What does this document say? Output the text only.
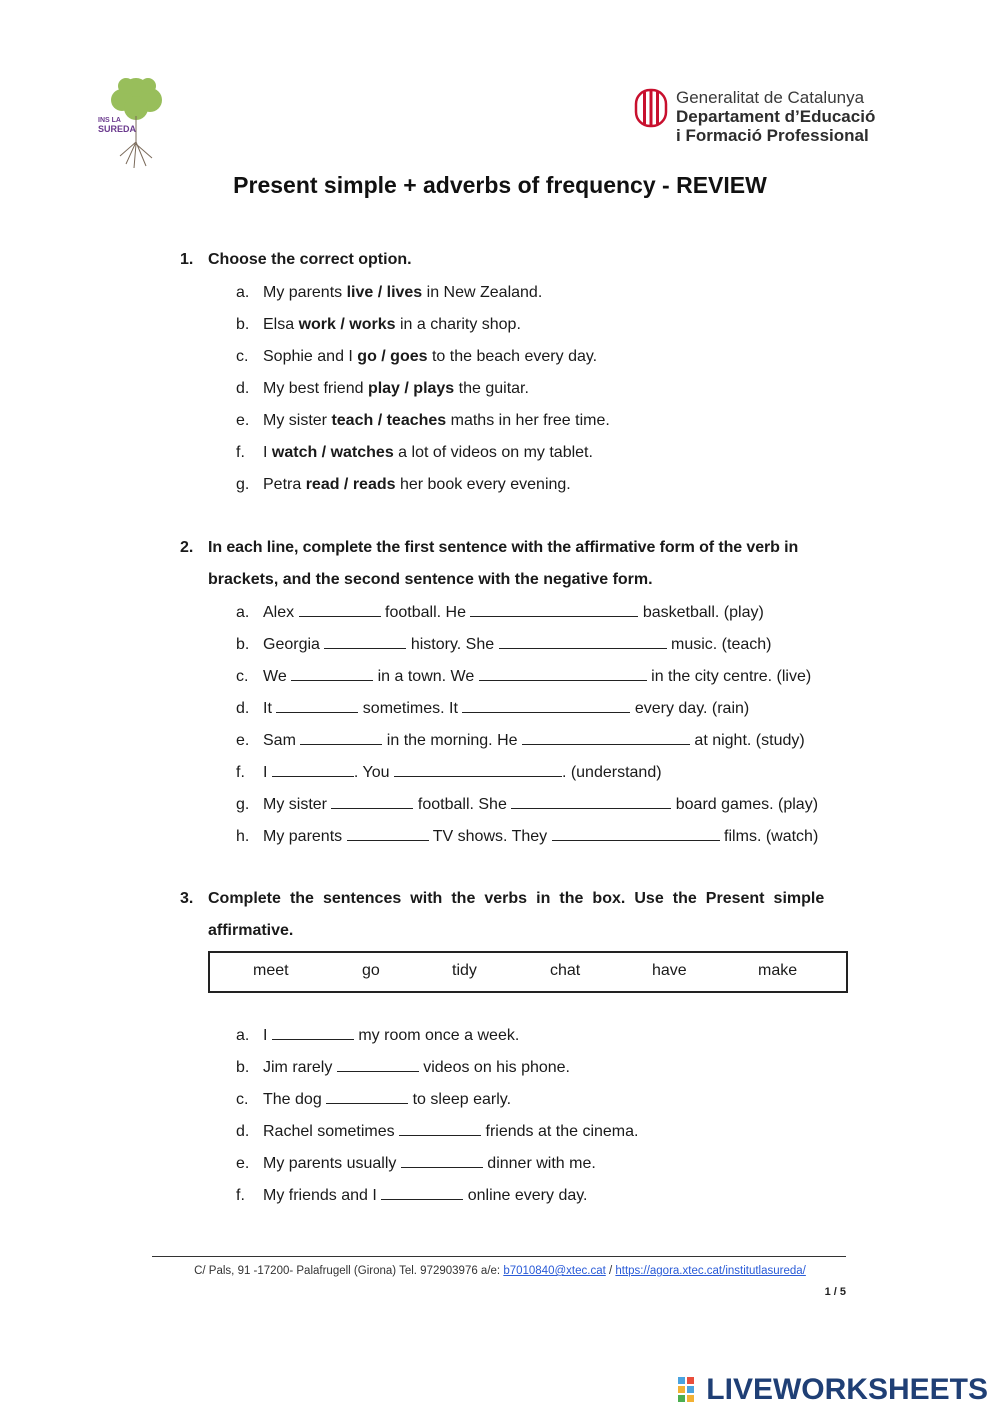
INS LA
SUREDA
Generalitat de Catalunya
Departament d’Educació
i Formació Professional
Present simple + adverbs of frequency - REVIEW
1. Choose the correct option.
a. My parents live / lives in New Zealand.
b. Elsa work / works in a charity shop.
c. Sophie and I go / goes to the beach every day.
d. My best friend play / plays the guitar.
e. My sister teach / teaches maths in her free time.
f. I watch / watches a lot of videos on my tablet.
g. Petra read / reads her book every evening.
2. In each line, complete the first sentence with the affirmative form of the verb in
brackets, and the second sentence with the negative form.
a. Alex	football. He	basketball. (play)
b. Georgia	history. She	music. (teach)
c. We	in a town. We	in the city centre. (live)
d. It	sometimes. It	every day. (rain)
e. Sam	in the morning. He	at night. (study)
f. I	. You	. (understand)
g. My sister	football. She	board games. (play)
h. My parents	TV shows. They	films. (watch)
3. Complete the sentences with the verbs in the box. Use the Present simple
affirmative.
meet	go	tidy	chat	have	make
a. I	my room once a week.
b. Jim rarely	videos on his phone.
c. The dog	to sleep early.
d. Rachel sometimes	friends at the cinema.
e. My parents usually	dinner with me.
f. My friends and I	online every day.
C/ Pals, 91 -17200- Palafrugell (Girona) Tel. 972903976 a/e: b7010840@xtec.cat / https://agora.xtec.cat/institutlasureda/
1 / 5
LIVEWORKSHEETS
